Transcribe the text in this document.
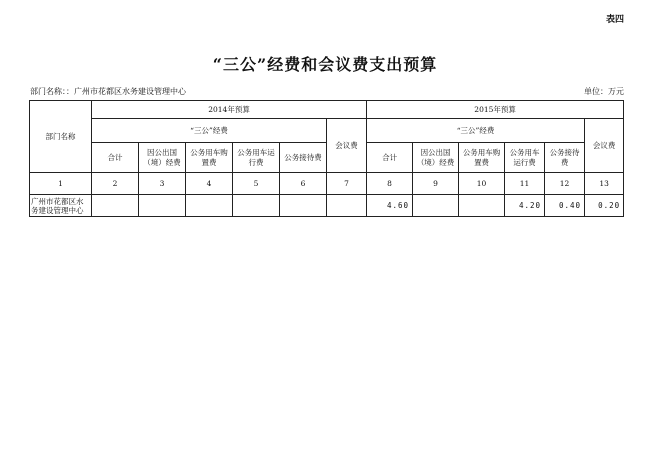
表四
“三公”经费和会议费支出预算
部门名称：：广州市花都区水务建设管理中心	单位：万元
部门名称	2014年预算						2015年预算					
	“三公”经费					会议费	“三公”经费					会议费
	合计	因公出国（境）经费	公务用车购置费	公务用车运行费	公务接待费		合计	因公出国（境）经费	公务用车购置费	公务用车运行费	公务接待费	
1	2	3	4	5	6	7	8	9	10	11	12	13
广州市花都区水务建设管理中心							4.60			4.20	0.40	0.20
